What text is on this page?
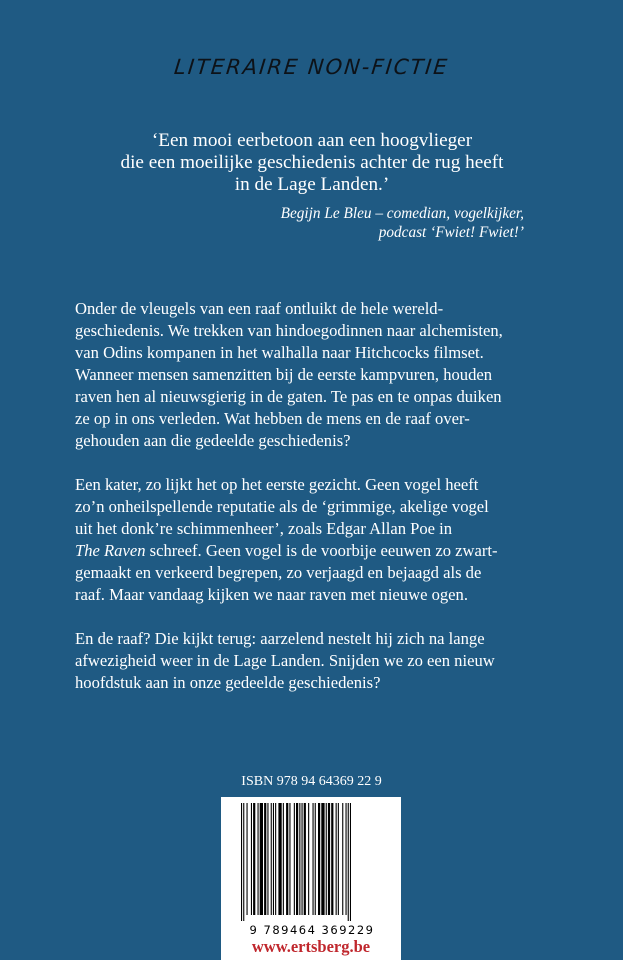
LITERAIRE NON-FICTIE
‘Een mooi eerbetoon aan een hoogvlieger
die een moeilijke geschiedenis achter de rug heeft
in de Lage Landen.’
Begijn Le Bleu – comedian, vogelkijker,
podcast ‘Fwiet! Fwiet!’
Onder de vleugels van een raaf ontluikt de hele wereld-
geschiedenis. We trekken van hindoegodinnen naar alchemisten,
van Odins kompanen in het walhalla naar Hitchcocks filmset.
Wanneer mensen samenzitten bij de eerste kampvuren, houden
raven hen al nieuwsgierig in de gaten. Te pas en te onpas duiken
ze op in ons verleden. Wat hebben de mens en de raaf over-
gehouden aan die gedeelde geschiedenis?
Een kater, zo lijkt het op het eerste gezicht. Geen vogel heeft
zo’n onheilspellende reputatie als de ‘grimmige, akelige vogel
uit het donk’re schimmenheer’, zoals Edgar Allan Poe in
The Raven schreef. Geen vogel is de voorbije eeuwen zo zwart-
gemaakt en verkeerd begrepen, zo verjaagd en bejaagd als de
raaf. Maar vandaag kijken we naar raven met nieuwe ogen.
En de raaf? Die kijkt terug: aarzelend nestelt hij zich na lange
afwezigheid weer in de Lage Landen. Snijden we zo een nieuw
hoofdstuk aan in onze gedeelde geschiedenis?
ISBN 978 94 64369 22 9
9 789464 369229
www.ertsberg.be
